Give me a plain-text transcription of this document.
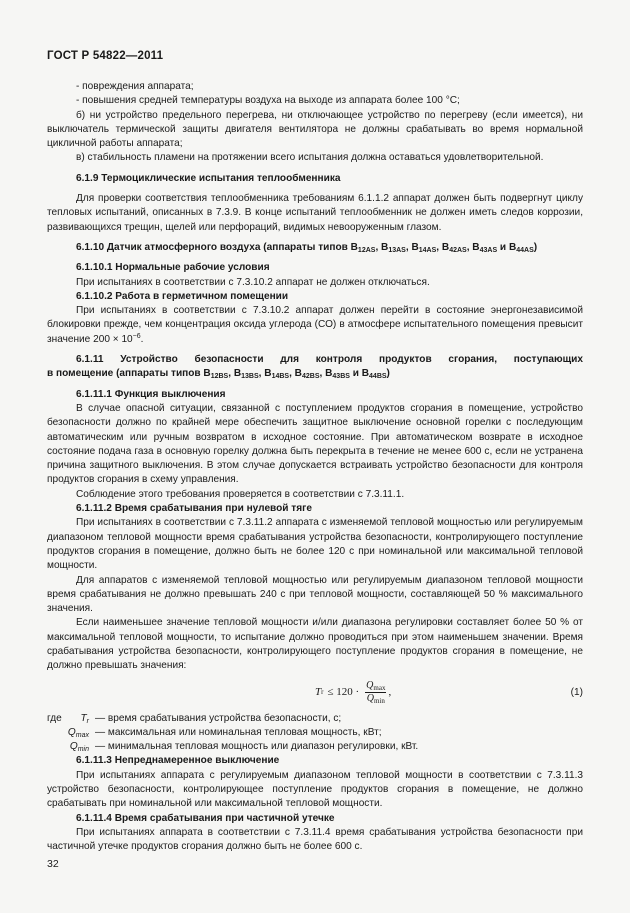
ГОСТ Р 54822—2011

- повреждения аппарата;

- повышения средней температуры воздуха на выходе из аппарата более 100 °С;

б) ни устройство предельного перегрева, ни отключающее устройство по перегреву (если имеется), ни выключатель термической защиты двигателя вентилятора не должны срабатывать во время нормальной цикличной работы аппарата;

в) стабильность пламени на протяжении всего испытания должна оставаться удовлетворительной.

6.1.9 Термоциклические испытания теплообменника

Для проверки соответствия теплообменника требованиям 6.1.1.2 аппарат должен быть подвергнут циклу тепловых испытаний, описанных в 7.3.9. В конце испытаний теплообменник не должен иметь следов коррозии, развивающихся трещин, щелей или перфораций, видимых невооруженным глазом.

6.1.10 Датчик атмосферного воздуха (аппараты типов $B_{12AS}$, $B_{13AS}$, $B_{14AS}$, $B_{42AS}$, $B_{43AS}$ и $B_{44AS}$)

6.1.10.1 Нормальные рабочие условия

При испытаниях в соответствии с 7.3.10.2 аппарат не должен отключаться.

6.1.10.2 Работа в герметичном помещении

При испытаниях в соответствии с 7.3.10.2 аппарат должен перейти в состояние энергонезависимой блокировки прежде, чем концентрация оксида углерода (СО) в атмосфере испытательного помещения превысит значение $200 \times 10^{-6}$.

6.1.11 Устройство безопасности для контроля продуктов сгорания, поступающих

в помещение (аппараты типов $B_{12BS}$, $B_{13BS}$, $B_{14BS}$, $B_{42BS}$, $B_{43BS}$ и $B_{44BS}$)

6.1.11.1 Функция выключения

В случае опасной ситуации, связанной с поступлением продуктов сгорания в помещение, устройство безопасности должно по крайней мере обеспечить защитное выключение основной горелки с последующим автоматическим или ручным возвратом в исходное состояние. При автоматическом возврате в исходное состояние подача газа в основную горелку должна быть перекрыта в течение не менее 600 с, если не устранена причина защитного выключения. В этом случае допускается встраивать устройство безопасности для контроля продуктов сгорания в схему управления.

Соблюдение этого требования проверяется в соответствии с 7.3.11.1.

6.1.11.2 Время срабатывания при нулевой тяге

При испытаниях в соответствии с 7.3.11.2 аппарата с изменяемой тепловой мощностью или регулируемым диапазоном тепловой мощности время срабатывания устройства безопасности, контролирующего поступление продуктов сгорания в помещение, должно быть не более 120 с при номинальной или максимальной тепловой мощности.

Для аппаратов с изменяемой тепловой мощностью или регулируемым диапазоном тепловой мощности время срабатывания не должно превышать 240 с при тепловой мощности, составляющей 50 % максимального значения.

Если наименьшее значение тепловой мощности и/или диапазона регулировки составляет более 50 % от максимальной тепловой мощности, то испытание должно проводиться при этом наименьшем значении. Время срабатывания устройства безопасности, контролирующего поступление продуктов сгорания в помещение, не должно превышать значения:

T $r \le 120 \cdot \frac{Q_{max}}{Q_{min}}$ ,	(1)
где	$T_r$ — время срабатывания устройства безопасности, с;
$Q_{max}$ — максимальная или номинальная тепловая мощность, кВт;
$Q_{min}$ — минимальная тепловая мощность или диапазон регулировки, кВт.

6.1.11.3 Непреднамеренное выключение

При испытаниях аппарата с регулируемым диапазоном тепловой мощности в соответствии с 7.3.11.3 устройство безопасности, контролирующее поступление продуктов сгорания в помещение, не должно срабатывать при номинальной или максимальной тепловой мощности.

6.1.11.4 Время срабатывания при частичной утечке

При испытаниях аппарата в соответствии с 7.3.11.4 время срабатывания устройства безопасности при частичной утечке продуктов сгорания должно быть не более 600 с.

32
